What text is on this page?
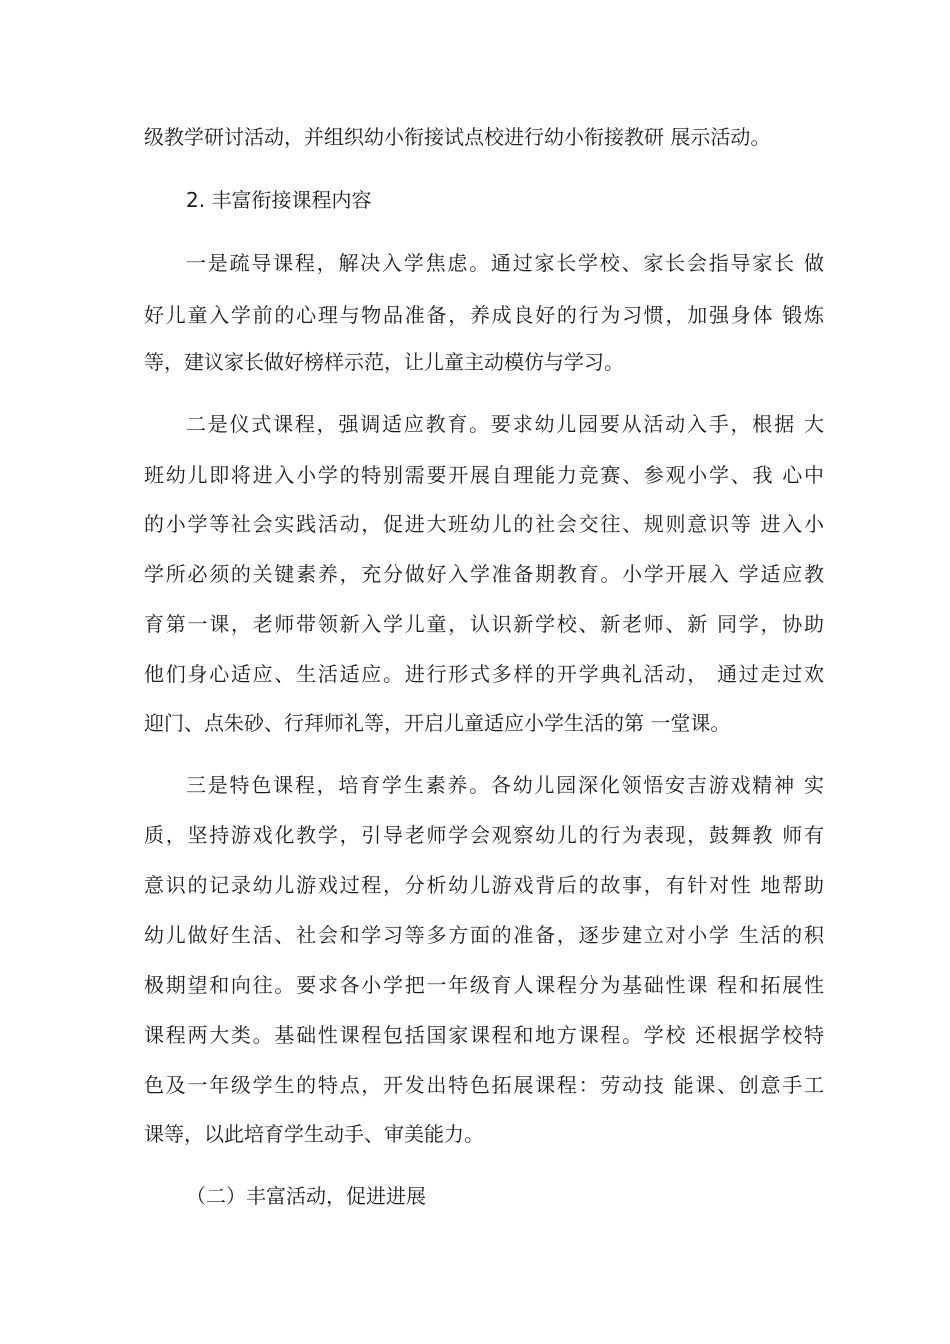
级教学研讨活动，并组织幼小衔接试点校进行幼小衔接教研 展示活动。
2. 丰富衔接课程内容
一是疏导课程，解决入学焦虑。通过家长学校、家长会指导家长 做
好儿童入学前的心理与物品准备，养成良好的行为习惯，加强身体 锻炼
等，建议家长做好榜样示范，让儿童主动模仿与学习。
二是仪式课程，强调适应教育。要求幼儿园要从活动入手，根据 大
班幼儿即将进入小学的特别需要开展自理能力竞赛、参观小学、我 心中
的小学等社会实践活动，促进大班幼儿的社会交往、规则意识等 进入小
学所必须的关键素养，充分做好入学准备期教育。小学开展入 学适应教
育第一课，老师带领新入学儿童，认识新学校、新老师、新 同学，协助
他们身心适应、生活适应。进行形式多样的开学典礼活动， 通过走过欢
迎门、点朱砂、行拜师礼等，开启儿童适应小学生活的第 一堂课。
三是特色课程，培育学生素养。各幼儿园深化领悟安吉游戏精神 实
质，坚持游戏化教学，引导老师学会观察幼儿的行为表现，鼓舞教 师有
意识的记录幼儿游戏过程，分析幼儿游戏背后的故事，有针对性 地帮助
幼儿做好生活、社会和学习等多方面的准备，逐步建立对小学 生活的积
极期望和向往。要求各小学把一年级育人课程分为基础性课 程和拓展性
课程两大类。基础性课程包括国家课程和地方课程。学校 还根据学校特
色及一年级学生的特点，开发出特色拓展课程：劳动技 能课、创意手工
课等，以此培育学生动手、审美能力。
（二）丰富活动，促进进展
